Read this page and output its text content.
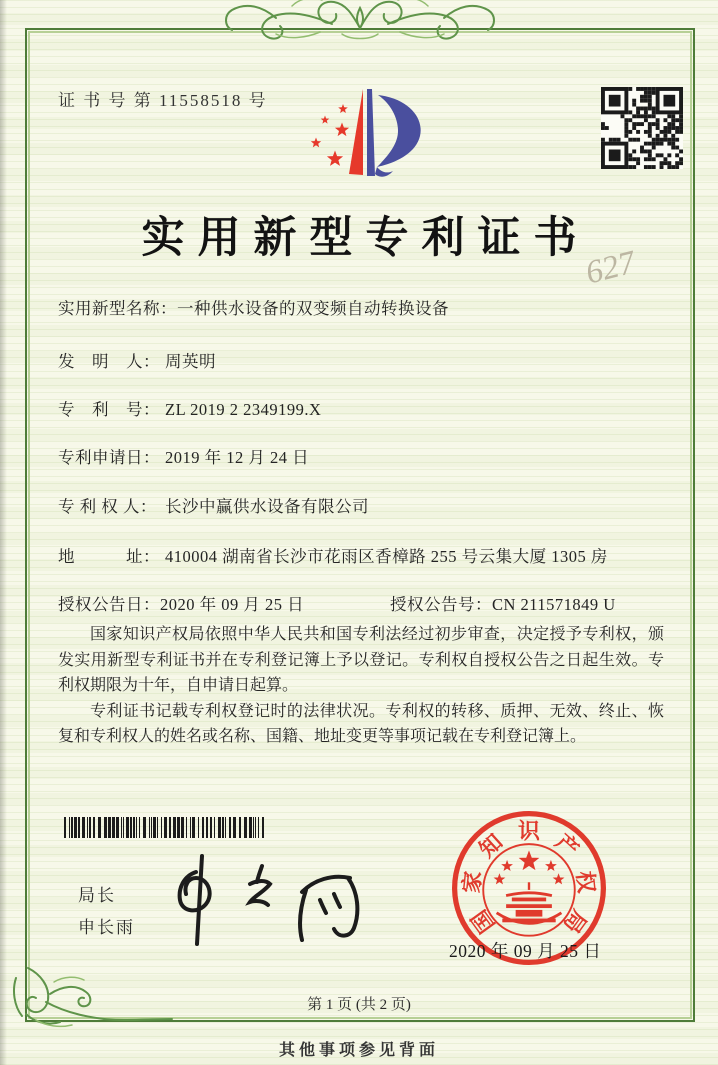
证 书 号 第 11558518 号
实用新型专利证书
627
实用新型名称：一种供水设备的双变频自动转换设备
发　明　人： 周英明
专　利　号： ZL 2019 2 2349199.X
专利申请日： 2019 年 12 月 24 日
专 利 权 人： 长沙中赢供水设备有限公司
地　　　址： 410004 湖南省长沙市花雨区香樟路 255 号云集大厦 1305 房
授权公告日：2020 年 09 月 25 日	授权公告号：CN 211571849 U

国家知识产权局依照中华人民共和国专利法经过初步审查，决定授予专利权，颁发实用新型专利证书并在专利登记簿上予以登记。专利权自授权公告之日起生效。专利权期限为十年，自申请日起算。

专利证书记载专利权登记时的法律状况。专利权的转移、质押、无效、终止、恢复和专利权人的姓名或名称、国籍、地址变更等事项记载在专利登记簿上。

局长
申长雨	国
家
知 识 产
权
局
2020 年 09 月 25 日
第 1 页 (共 2 页)
其他事项参见背面
